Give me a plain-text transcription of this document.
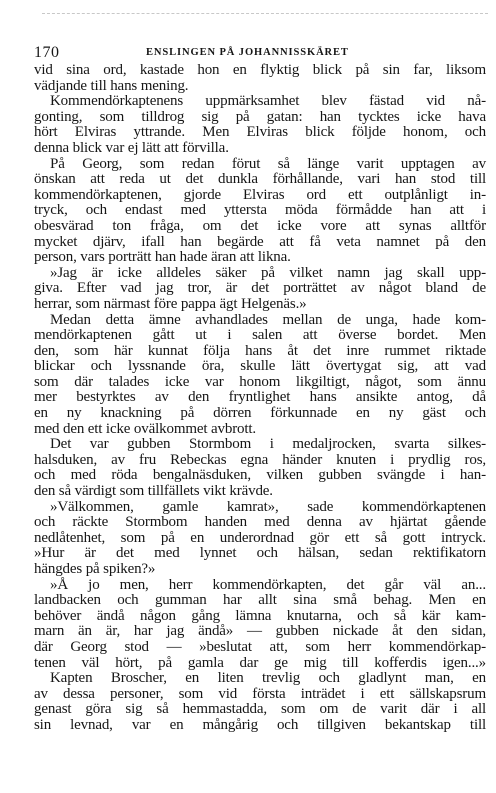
170	ENSLINGEN PÅ JOHANNISSKÄRET
vid sina ord, kastade hon en flyktig blick på sin far, liksom
vädjande till hans mening.
Kommendörkaptenens uppmärksamhet blev fästad vid nå-
gonting, som tilldrog sig på gatan: han tycktes icke hava
hört Elviras yttrande. Men Elviras blick följde honom, och
denna blick var ej lätt att förvilla.
På Georg, som redan förut så länge varit upptagen av
önskan att reda ut det dunkla förhållande, vari han stod till
kommendörkaptenen, gjorde Elviras ord ett outplånligt in-
tryck, och endast med yttersta möda förmådde han att i
obesvärad ton fråga, om det icke vore att synas alltför
mycket djärv, ifall han begärde att få veta namnet på den
person, vars porträtt han hade äran att likna.
»Jag är icke alldeles säker på vilket namn jag skall upp-
giva. Efter vad jag tror, är det porträttet av något bland de
herrar, som närmast före pappa ägt Helgenäs.»
Medan detta ämne avhandlades mellan de unga, hade kom-
mendörkaptenen gått ut i salen att överse bordet. Men
den, som här kunnat följa hans åt det inre rummet riktade
blickar och lyssnande öra, skulle lätt övertygat sig, att vad
som där talades icke var honom likgiltigt, något, som ännu
mer bestyrktes av den fryntlighet hans ansikte antog, då
en ny knackning på dörren förkunnade en ny gäst och
med den ett icke ovälkommet avbrott.
Det var gubben Stormbom i medaljrocken, svarta silkes-
halsduken, av fru Rebeckas egna händer knuten i prydlig ros,
och med röda bengalnäsduken, vilken gubben svängde i han-
den så värdigt som tillfällets vikt krävde.
»Välkommen, gamle kamrat», sade kommendörkaptenen
och räckte Stormbom handen med denna av hjärtat gående
nedlåtenhet, som på en underordnad gör ett så gott intryck.
»Hur är det med lynnet och hälsan, sedan rektifikatorn
hängdes på spiken?»
»Å jo men, herr kommendörkapten, det går väl an...
landbacken och gumman har allt sina små behag. Men en
behöver ändå någon gång lämna knutarna, och så kär kam-
marn än är, har jag ändå» — gubben nickade åt den sidan,
där Georg stod — »beslutat att, som herr kommendörkap-
tenen väl hört, på gamla dar ge mig till kofferdis igen...»
Kapten Broscher, en liten trevlig och gladlynt man, en
av dessa personer, som vid första inträdet i ett sällskapsrum
genast göra sig så hemmastadda, som om de varit där i all
sin levnad, var en mångårig och tillgiven bekantskap till
